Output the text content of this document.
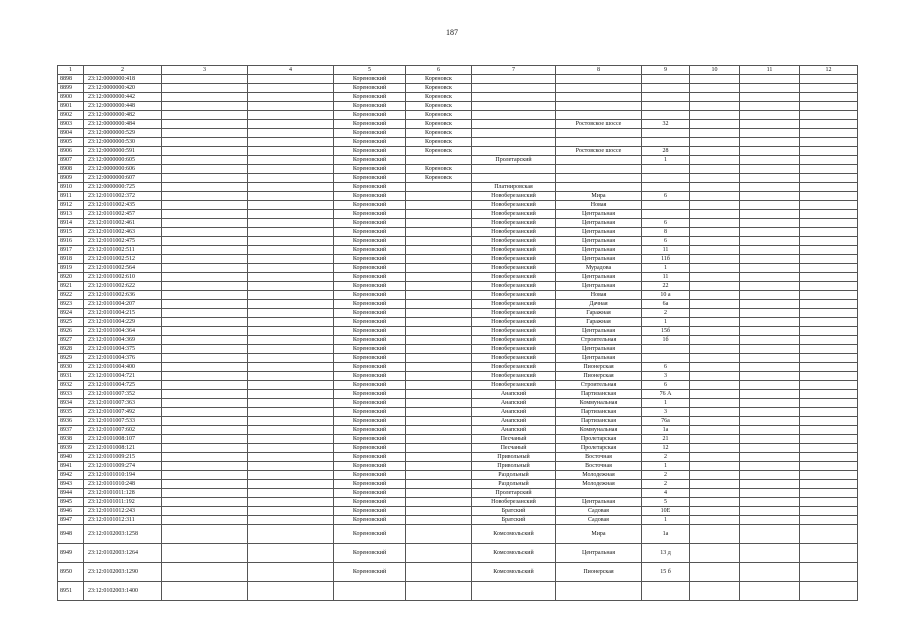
187
1	2	3	4	5	6	7	8	9	10	11	12
8898	23:12:0000000:418			Кореновский	Кореновск						
8899	23:12:0000000:420			Кореновский	Кореновск						
8900	23:12:0000000:442			Кореновский	Кореновск						
8901	23:12:0000000:448			Кореновский	Кореновск						
8902	23:12:0000000:482			Кореновский	Кореновск						
8903	23:12:0000000:484			Кореновский	Кореновск		Ростовское шоссе	32			
8904	23:12:0000000:529			Кореновский	Кореновск						
8905	23:12:0000000:530			Кореновский	Кореновск						
8906	23:12:0000000:591			Кореновский	Кореновск		Ростовское шоссе	28			
8907	23:12:0000000:605			Кореновский		Пролетарский		1			
8908	23:12:0000000:606			Кореновский	Кореновск						
8909	23:12:0000000:607			Кореновский	Кореновск						
8910	23:12:0000000:725			Кореновский		Платнировская					
8911	23:12:0101002:372			Кореновский		Новоберезанский	Мира	6			
8912	23:12:0101002:435			Кореновский		Новоберезанский	Новая				
8913	23:12:0101002:457			Кореновский		Новоберезанский	Центральная				
8914	23:12:0101002:461			Кореновский		Новоберезанский	Центральная	6			
8915	23:12:0101002:463			Кореновский		Новоберезанский	Центральная	8			
8916	23:12:0101002:475			Кореновский		Новоберезанский	Центральная	6			
8917	23:12:0101002:511			Кореновский		Новоберезанский	Центральная	11			
8918	23:12:0101002:512			Кореновский		Новоберезанский	Центральная	11б			
8919	23:12:0101002:564			Кореновский		Новоберезанский	Мурадова	1			
8920	23:12:0101002:610			Кореновский		Новоберезанский	Центральная	11			
8921	23:12:0101002:622			Кореновский		Новоберезанский	Центральная	22			
8922	23:12:0101002:636			Кореновский		Новоберезанский	Новая	10 а			
8923	23:12:0101004:207			Кореновский		Новоберезанский	Дачная	6а			
8924	23:12:0101004:215			Кореновский		Новоберезанский	Гаражная	2			
8925	23:12:0101004:229			Кореновский		Новоберезанский	Гаражная	1			
8926	23:12:0101004:364			Кореновский		Новоберезанский	Центральная	15б			
8927	23:12:0101004:369			Кореновский		Новоберезанский	Строительная	1б			
8928	23:12:0101004:375			Кореновский		Новоберезанский	Центральная				
8929	23:12:0101004:376			Кореновский		Новоберезанский	Центральная				
8930	23:12:0101004:400			Кореновский		Новоберезанский	Пионерская	6			
8931	23:12:0101004:721			Кореновский		Новоберезанский	Пионерская	3			
8932	23:12:0101004:725			Кореновский		Новоберезанский	Строительная	6			
8933	23:12:0101007:352			Кореновский		Анапский	Партизанская	76 А			
8934	23:12:0101007:363			Кореновский		Анапский	Коммунальная	1			
8935	23:12:0101007:492			Кореновский		Анапский	Партизанская	3			
8936	23:12:0101007:533			Кореновский		Анапский	Партизанская	76а			
8937	23:12:0101007:602			Кореновский		Анапский	Коммунальная	1а			
8938	23:12:0101008:107			Кореновский		Песчаный	Пролетарская	21			
8939	23:12:0101008:121			Кореновский		Песчаный	Пролетарская	12			
8940	23:12:0101009:215			Кореновский		Привольный	Восточная	2			
8941	23:12:0101009:274			Кореновский		Привольный	Восточная	1			
8942	23:12:0101010:194			Кореновский		Раздольный	Молодежная	2			
8943	23:12:0101010:248			Кореновский		Раздольный	Молодежная	2			
8944	23:12:0101011:128			Кореновский		Пролетарский		4			
8945	23:12:0101011:192			Кореновский		Новоберезанский	Центральная	5			
8946	23:12:0101012:243			Кореновский		Братский	Садовая	10Е			
8947	23:12:0101012:311			Кореновский		Братский	Садовая	1			
8948	23:12:0102003:1258			Кореновский		Комсомольский	Мира	1а			
8949	23:12:0102003:1264			Кореновский		Комсомольский	Центральная	13 д			
8950	23:12:0102003:1290			Кореновский		Комсомольский	Пионерская	15 б			
8951	23:12:0102003:1400										
